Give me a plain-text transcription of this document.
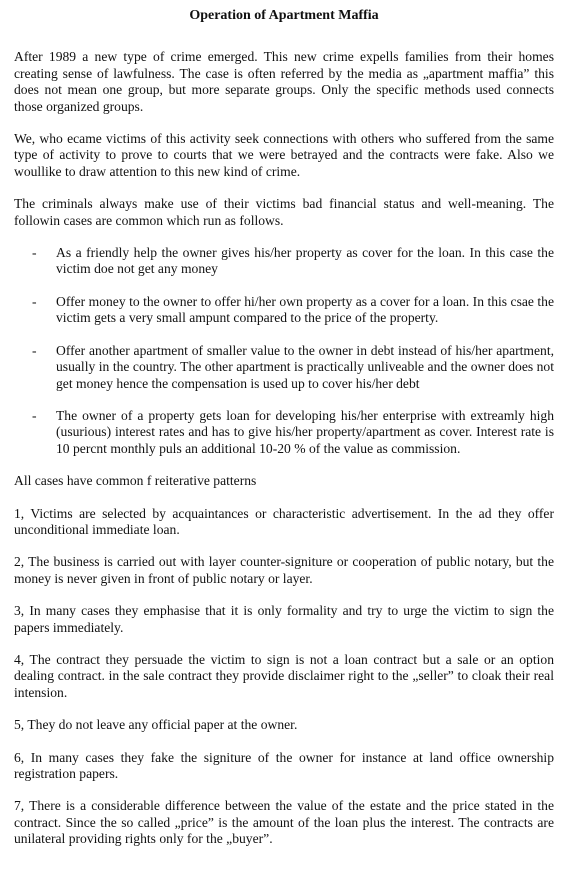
Operation of Apartment Maffia

After 1989 a new type of crime emerged. This new crime expells families from their homes creating sense of lawfulness. The case is often referred by the media as „apartment maffia” this does not mean one group, but more separate groups. Only the specific methods used connects those organized groups.

We, who ecame victims of this activity seek connections with others who suffered from the same type of activity to prove to courts that we were betrayed and the contracts were fake. Also we woullike to draw attention to this new kind of crime.

The criminals always make use of their victims bad financial status and well-meaning. The followin cases are common which run as follows.

- As a friendly help the owner gives his/her property as cover for the loan. In this case the victim doe not get any money
- Offer money to the owner to offer hi/her own property as a cover for a loan. In this csae the victim gets a very small ampunt compared to the price of the property.
- Offer another apartment of smaller value to the owner in debt instead of his/her apartment, usually in the country. The other apartment is practically unliveable and the owner does not get money hence the compensation is used up to cover his/her debt
- The owner of a property gets loan for developing his/her enterprise with extreamly high (usurious) interest rates and has to give his/her property/apartment as cover. Interest rate is 10 percnt monthly puls an additional 10-20 % of the value as commission.

All cases have common f reiterative patterns

1, Victims are selected by acquaintances or characteristic advertisement. In the ad they offer unconditional immediate loan.

2, The business is carried out with layer counter-signiture or cooperation of public notary, but the money is never given in front of public notary or layer.

3, In many cases they emphasise that it is only formality and try to urge the victim to sign the papers immediately.

4, The contract they persuade the victim to sign is not a loan contract but a sale or an option dealing contract. in the sale contract they provide disclaimer right to the „seller” to cloak their real intension.

5, They do not leave any official paper at the owner.

6, In many cases they fake the signiture of the owner for instance at land office ownership registration papers.

7, There is a considerable difference between the value of the estate and the price stated in the contract. Since the so called „price” is the amount of the loan plus the interest. The contracts are unilateral providing rights only for the „buyer”.
